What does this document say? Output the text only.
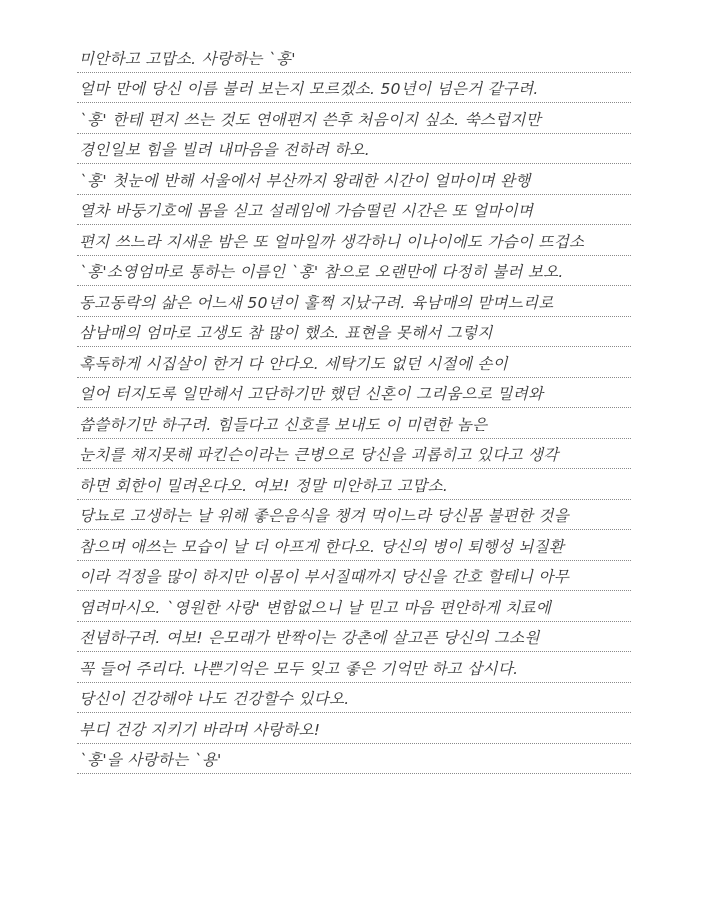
미안하고 고맙소. 사랑하는 `홍'
얼마 만에 당신 이름 불러 보는지 모르겠소. 50년이 넘은거 같구려.
`홍' 한테 편지 쓰는 것도 연애편지 쓴후 처음이지 싶소. 쑥스럽지만
경인일보 힘을 빌려 내마음을 전하려 하오.
`홍' 첫눈에 반해 서울에서 부산까지 왕래한 시간이 얼마이며 완행
열차 바둥기호에 몸을 싣고 설레임에 가슴떨린 시간은 또 얼마이며
편지 쓰느라 지새운 밤은 또 얼마일까 생각하니 이나이에도 가슴이 뜨겁소
`홍'소영엄마로 통하는 이름인 `홍' 참으로 오랜만에 다정히 불러 보오.
동고동락의 삶은 어느새 50년이 훌쩍 지났구려. 육남매의 맏며느리로
삼남매의 엄마로 고생도 참 많이 했소. 표현을 못해서 그렇지
혹독하게 시집살이 한거 다 안다오. 세탁기도 없던 시절에 손이
얼어 터지도록 일만해서 고단하기만 했던 신혼이 그리움으로 밀려와
씁쓸하기만 하구려. 힘들다고 신호를 보내도 이 미련한 놈은
눈치를 채지못해 파킨슨이라는 큰병으로 당신을 괴롭히고 있다고 생각
하면 회한이 밀려온다오. 여보! 정말 미안하고 고맙소.
당뇨로 고생하는 날 위해 좋은음식을 챙겨 먹이느라 당신몸 불편한 것을
참으며 애쓰는 모습이 날 더 아프게 한다오. 당신의 병이 퇴행성 뇌질환
이라 걱정을 많이 하지만 이몸이 부서질때까지 당신을 간호 할테니 아무
염려마시오. `영원한 사랑' 변함없으니 날 믿고 마음 편안하게 치료에
전념하구려. 여보! 은모래가 반짝이는 강촌에 살고픈 당신의 그소원
꼭 들어 주리다. 나쁜기억은 모두 잊고 좋은 기억만 하고 삽시다.
당신이 건강해야 나도 건강할수 있다오.
부디 건강 지키기 바라며 사랑하오!
`홍'을 사랑하는 `용'
